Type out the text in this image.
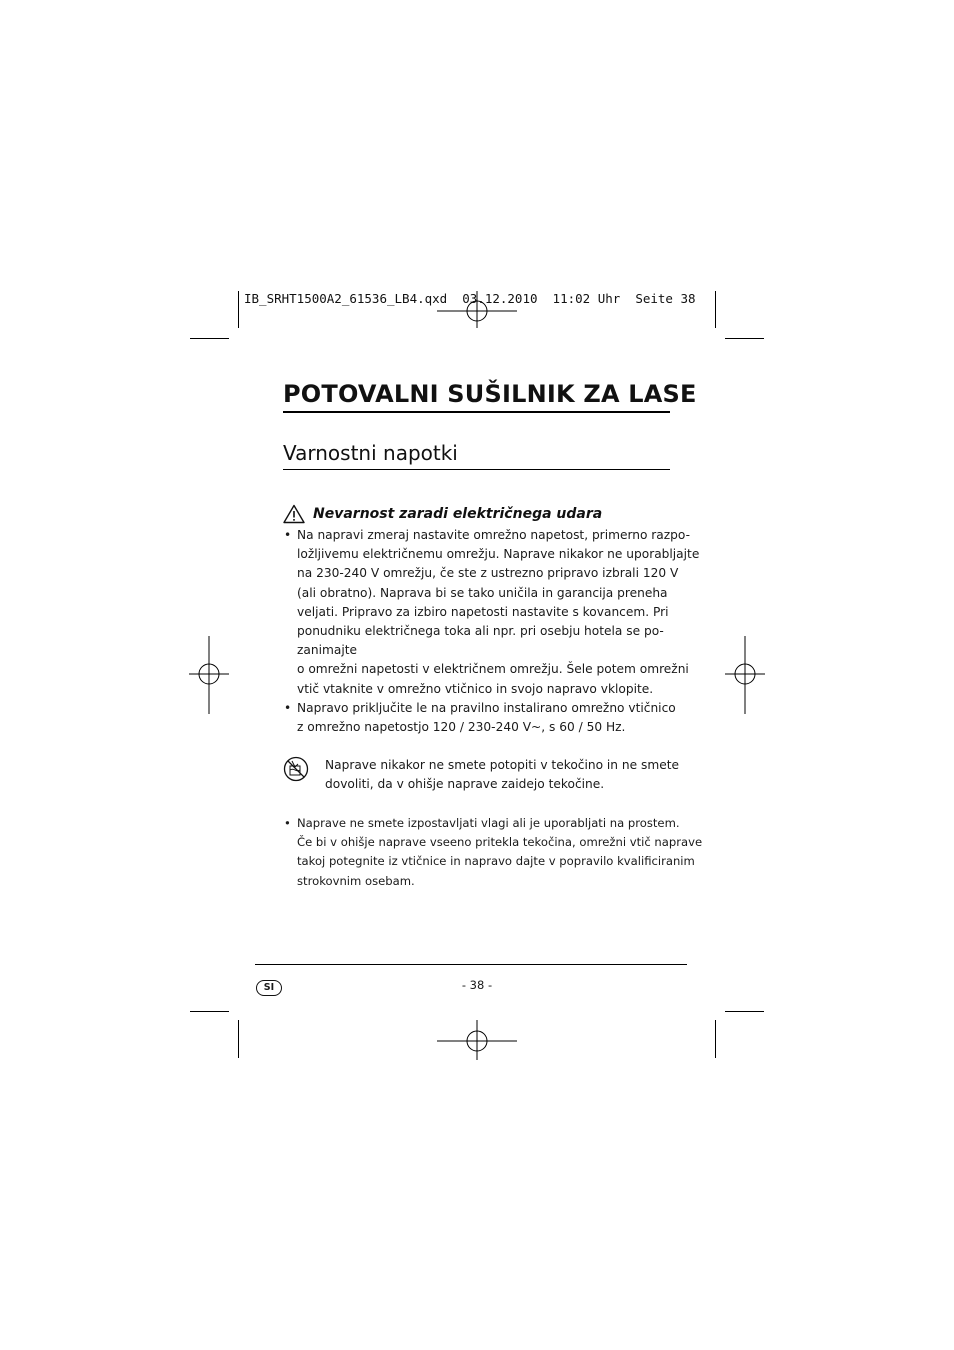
IB_SRHT1500A2_61536_LB4.qxd  03.12.2010  11:02 Uhr  Seite 38
POTOVALNI SUŠILNIK ZA LASE
Varnostni napotki
Nevarnost zaradi električnega udara
• Na napravi zmeraj nastavite omrežno napetost, primerno razpo-
ložljivemu električnemu omrežju. Naprave nikakor ne uporabljajte
na 230-240 V omrežju, če ste z ustrezno pripravo izbrali 120 V
(ali obratno). Naprava bi se tako uničila in garancija preneha
veljati. Pripravo za izbiro napetosti nastavite s kovancem. Pri
ponudniku električnega toka ali npr. pri osebju hotela se po-
zanimajte
o omrežni napetosti v električnem omrežju. Šele potem omrežni
vtič vtaknite v omrežno vtičnico in svojo napravo vklopite.
• Napravo priključite le na pravilno instalirano omrežno vtičnico
z omrežno napetostjo 120 / 230-240 V~, s 60 / 50 Hz.
Naprave nikakor ne smete potopiti v tekočino in ne smete
dovoliti, da v ohišje naprave zaidejo tekočine.
• Naprave ne smete izpostavljati vlagi ali je uporabljati na prostem.
Če bi v ohišje naprave vseeno pritekla tekočina, omrežni vtič naprave
takoj potegnite iz vtičnice in napravo dajte v popravilo kvalificiranim
strokovnim osebam.
SI	- 38 -
